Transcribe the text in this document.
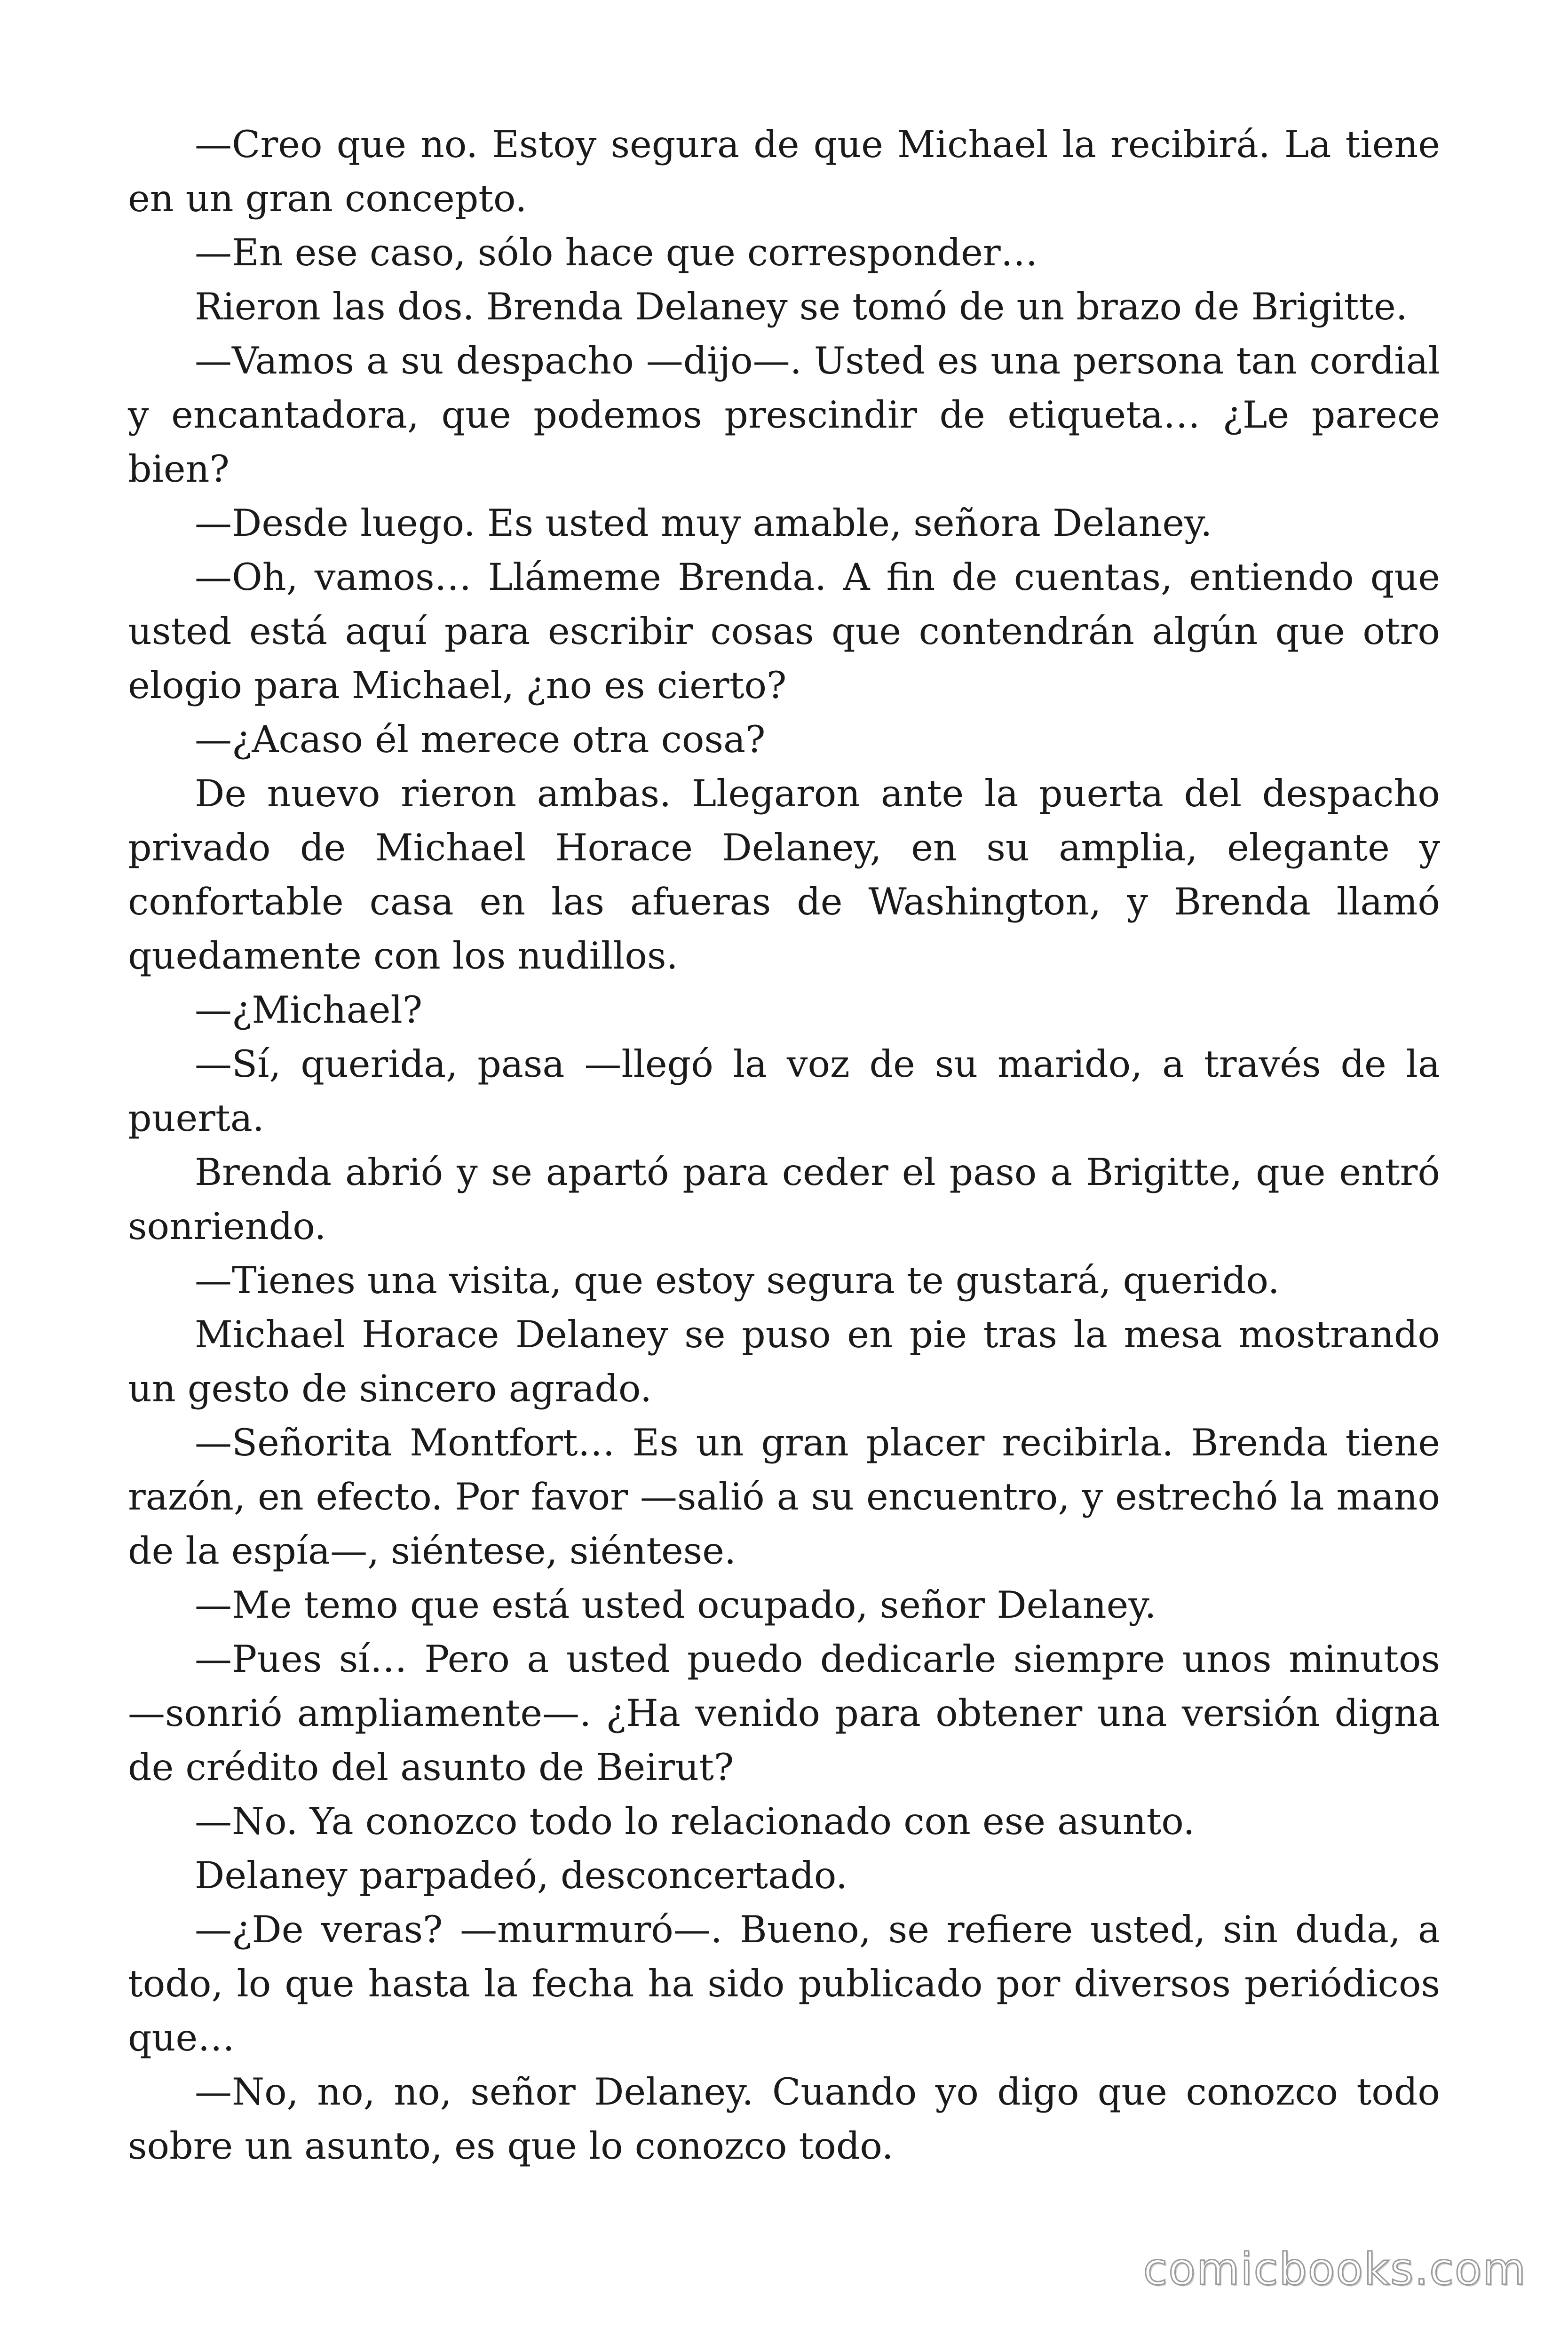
—Creo que no. Estoy segura de que Michael la recibirá. La tiene en un gran concepto.

—En ese caso, sólo hace que corresponder…

Rieron las dos. Brenda Delaney se tomó de un brazo de Brigitte.

—Vamos a su despacho —dijo—. Usted es una persona tan cordial y encantadora, que podemos prescindir de etiqueta… ¿Le parece bien?

—Desde luego. Es usted muy amable, señora Delaney.

—Oh, vamos… Llámeme Brenda. A fin de cuentas, entiendo que usted está aquí para escribir cosas que contendrán algún que otro elogio para Michael, ¿no es cierto?

—¿Acaso él merece otra cosa?

De nuevo rieron ambas. Llegaron ante la puerta del despacho privado de Michael Horace Delaney, en su amplia, elegante y confortable casa en las afueras de Washington, y Brenda llamó quedamente con los nudillos.

—¿Michael?

—Sí, querida, pasa —llegó la voz de su marido, a través de la puerta.

Brenda abrió y se apartó para ceder el paso a Brigitte, que entró sonriendo.

—Tienes una visita, que estoy segura te gustará, querido.

Michael Horace Delaney se puso en pie tras la mesa mostrando un gesto de sincero agrado.

—Señorita Montfort… Es un gran placer recibirla. Brenda tiene razón, en efecto. Por favor —salió a su encuentro, y estrechó la mano de la espía—, siéntese, siéntese.

—Me temo que está usted ocupado, señor Delaney.

—Pues sí… Pero a usted puedo dedicarle siempre unos minutos —sonrió ampliamente—. ¿Ha venido para obtener una versión digna de crédito del asunto de Beirut?

—No. Ya conozco todo lo relacionado con ese asunto.

Delaney parpadeó, desconcertado.

—¿De veras? —murmuró—. Bueno, se refiere usted, sin duda, a todo, lo que hasta la fecha ha sido publicado por diversos periódicos que…

—No, no, no, señor Delaney. Cuando yo digo que conozco todo sobre un asunto, es que lo conozco todo.

comicbooks.com
